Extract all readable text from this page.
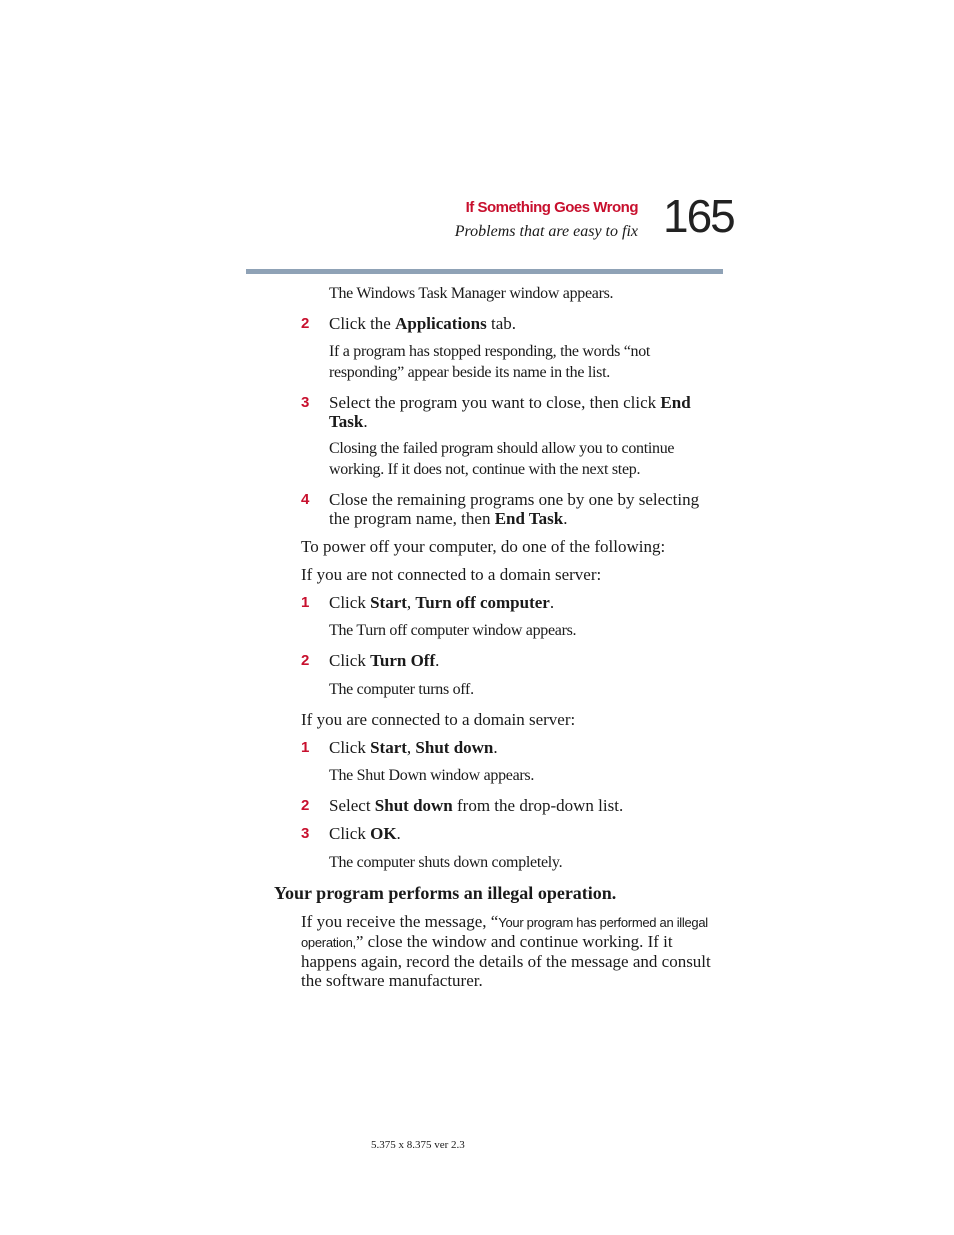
If Something Goes Wrong
Problems that are easy to fix 165

The Windows Task Manager window appears.

2 Click the Applications tab.

If a program has stopped responding, the words “not responding” appear beside its name in the list.

3 Select the program you want to close, then click End Task.

Closing the failed program should allow you to continue working. If it does not, continue with the next step.

4 Close the remaining programs one by one by selecting the program name, then End Task.

To power off your computer, do one of the following:

If you are not connected to a domain server:

1 Click Start, Turn off computer.

The Turn off computer window appears.

2 Click Turn Off.

The computer turns off.

If you are connected to a domain server:

1 Click Start, Shut down.

The Shut Down window appears.

2 Select Shut down from the drop-down list.

3 Click OK.

The computer shuts down completely.

Your program performs an illegal operation.

If you receive the message, “Your program has performed an illegal operation,” close the window and continue working. If it happens again, record the details of the message and consult the software manufacturer.

5.375 x 8.375 ver 2.3
